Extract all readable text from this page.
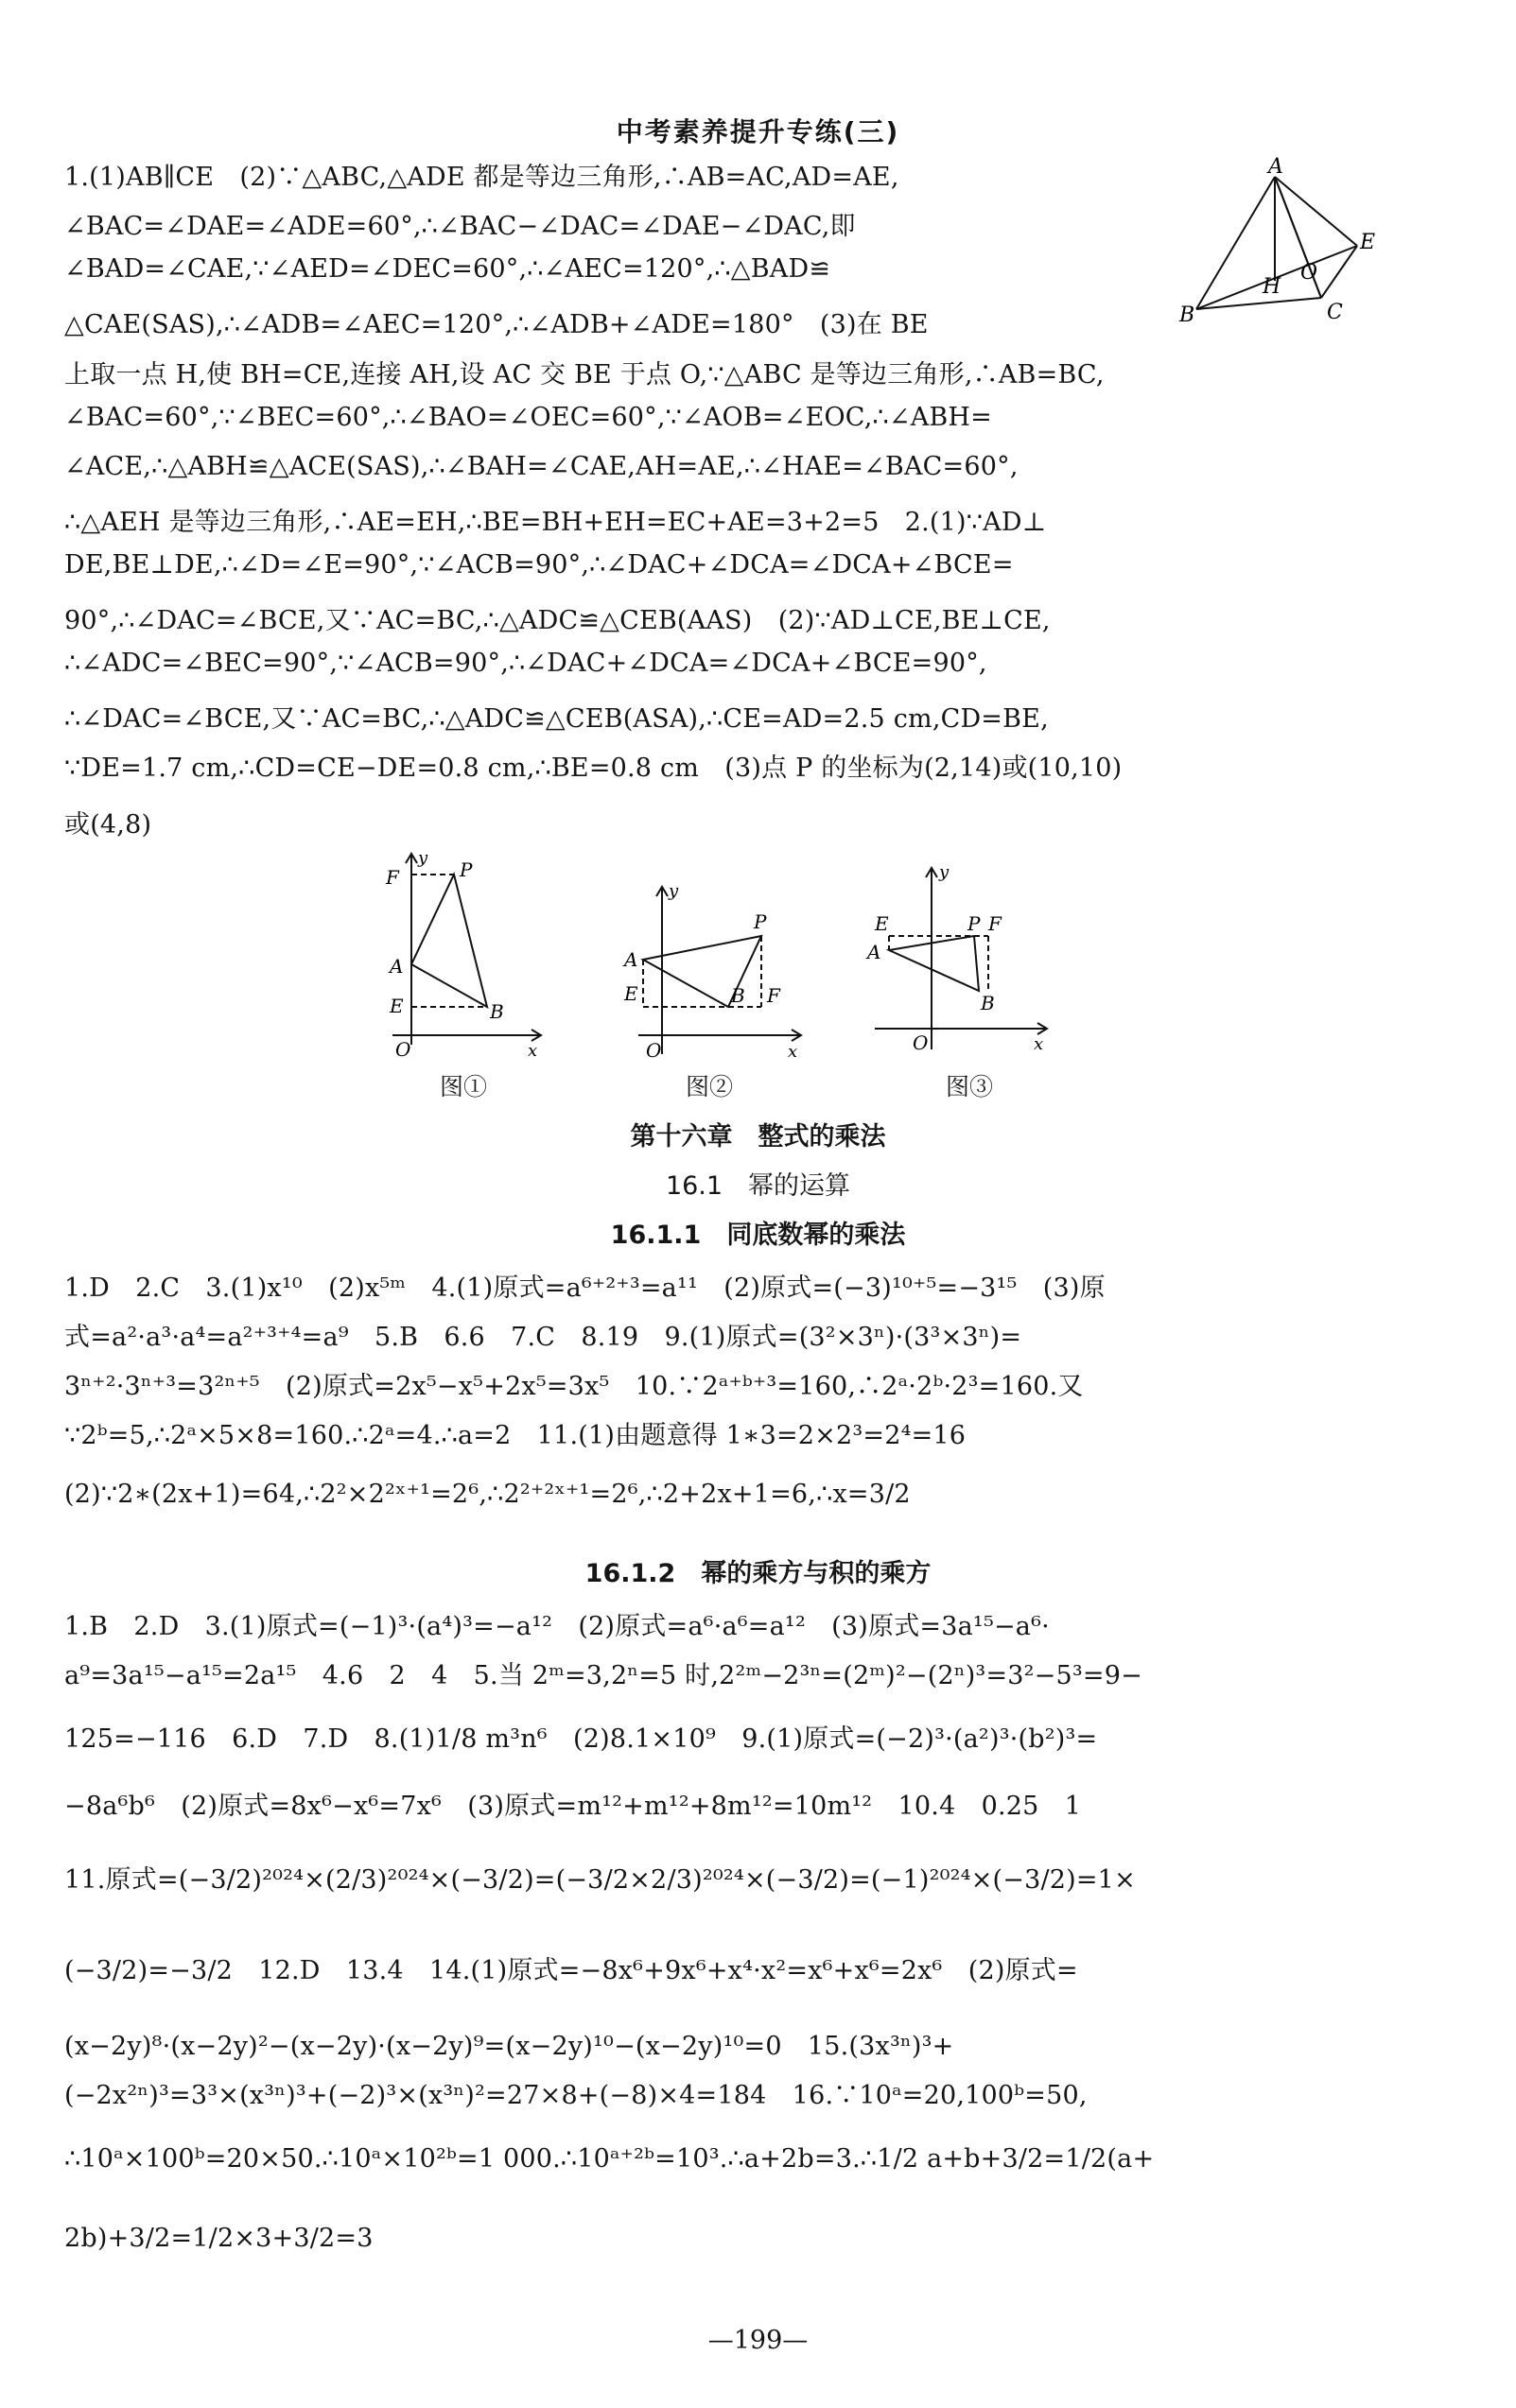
中考素养提升专练(三)
A
B	C
E
H
O
1.(1)AB∥CE　(2)∵△ABC,△ADE 都是等边三角形,∴AB=AC,AD=AE,
∠BAC=∠DAE=∠ADE=60°,∴∠BAC−∠DAC=∠DAE−∠DAC,即
∠BAD=∠CAE,∵∠AED=∠DEC=60°,∴∠AEC=120°,∴△BAD≌
△CAE(SAS),∴∠ADB=∠AEC=120°,∴∠ADB+∠ADE=180°　(3)在 BE
上取一点 H,使 BH=CE,连接 AH,设 AC 交 BE 于点 O,∵△ABC 是等边三角形,∴AB=BC,
∠BAC=60°,∵∠BEC=60°,∴∠BAO=∠OEC=60°,∵∠AOB=∠EOC,∴∠ABH=
∠ACE,∴△ABH≌△ACE(SAS),∴∠BAH=∠CAE,AH=AE,∴∠HAE=∠BAC=60°,
∴△AEH 是等边三角形,∴AE=EH,∴BE=BH+EH=EC+AE=3+2=5　2.(1)∵AD⊥
DE,BE⊥DE,∴∠D=∠E=90°,∵∠ACB=90°,∴∠DAC+∠DCA=∠DCA+∠BCE=
90°,∴∠DAC=∠BCE,又∵AC=BC,∴△ADC≌△CEB(AAS)　(2)∵AD⊥CE,BE⊥CE,
∴∠ADC=∠BEC=90°,∵∠ACB=90°,∴∠DAC+∠DCA=∠DCA+∠BCE=90°,
∴∠DAC=∠BCE,又∵AC=BC,∴△ADC≌△CEB(ASA),∴CE=AD=2.5 cm,CD=BE,
∵DE=1.7 cm,∴CD=CE−DE=0.8 cm,∴BE=0.8 cm　(3)点 P 的坐标为(2,14)或(10,10)
或(4,8)
y
F	P
A
E	B
O	x
图①
y
P
A
E	B F
O	x
图②
y
E	P F
A
B
O	x
图③
第十六章　整式的乘法
16.1　幂的运算
16.1.1　同底数幂的乘法
1.D　2.C　3.(1)x¹⁰　(2)x⁵ᵐ　4.(1)原式=a⁶⁺²⁺³=a¹¹　(2)原式=(−3)¹⁰⁺⁵=−3¹⁵　(3)原
式=a²·a³·a⁴=a²⁺³⁺⁴=a⁹　5.B　6.6　7.C　8.19　9.(1)原式=(3²×3ⁿ)·(3³×3ⁿ)=
3ⁿ⁺²·3ⁿ⁺³=3²ⁿ⁺⁵　(2)原式=2x⁵−x⁵+2x⁵=3x⁵　10.∵2ᵃ⁺ᵇ⁺³=160,∴2ᵃ·2ᵇ·2³=160.又
∵2ᵇ=5,∴2ᵃ×5×8=160.∴2ᵃ=4.∴a=2　11.(1)由题意得 1∗3=2×2³=2⁴=16
(2)∵2∗(2x+1)=64,∴2²×2²ˣ⁺¹=2⁶,∴2²⁺²ˣ⁺¹=2⁶,∴2+2x+1=6,∴x=3/2
16.1.2　幂的乘方与积的乘方
1.B　2.D　3.(1)原式=(−1)³·(a⁴)³=−a¹²　(2)原式=a⁶·a⁶=a¹²　(3)原式=3a¹⁵−a⁶·
a⁹=3a¹⁵−a¹⁵=2a¹⁵　4.6　2　4　5.当 2ᵐ=3,2ⁿ=5 时,2²ᵐ−2³ⁿ=(2ᵐ)²−(2ⁿ)³=3²−5³=9−
125=−116　6.D　7.D　8.(1)1/8 m³n⁶　(2)8.1×10⁹　9.(1)原式=(−2)³·(a²)³·(b²)³=
−8a⁶b⁶　(2)原式=8x⁶−x⁶=7x⁶　(3)原式=m¹²+m¹²+8m¹²=10m¹²　10.4　0.25　1
11.原式=(−3/2)²⁰²⁴×(2/3)²⁰²⁴×(−3/2)=(−3/2×2/3)²⁰²⁴×(−3/2)=(−1)²⁰²⁴×(−3/2)=1×
(−3/2)=−3/2　12.D　13.4　14.(1)原式=−8x⁶+9x⁶+x⁴·x²=x⁶+x⁶=2x⁶　(2)原式=
(x−2y)⁸·(x−2y)²−(x−2y)·(x−2y)⁹=(x−2y)¹⁰−(x−2y)¹⁰=0　15.(3x³ⁿ)³+
(−2x²ⁿ)³=3³×(x³ⁿ)³+(−2)³×(x³ⁿ)²=27×8+(−8)×4=184　16.∵10ᵃ=20,100ᵇ=50,
∴10ᵃ×100ᵇ=20×50.∴10ᵃ×10²ᵇ=1 000.∴10ᵃ⁺²ᵇ=10³.∴a+2b=3.∴1/2 a+b+3/2=1/2(a+
2b)+3/2=1/2×3+3/2=3
—199—
